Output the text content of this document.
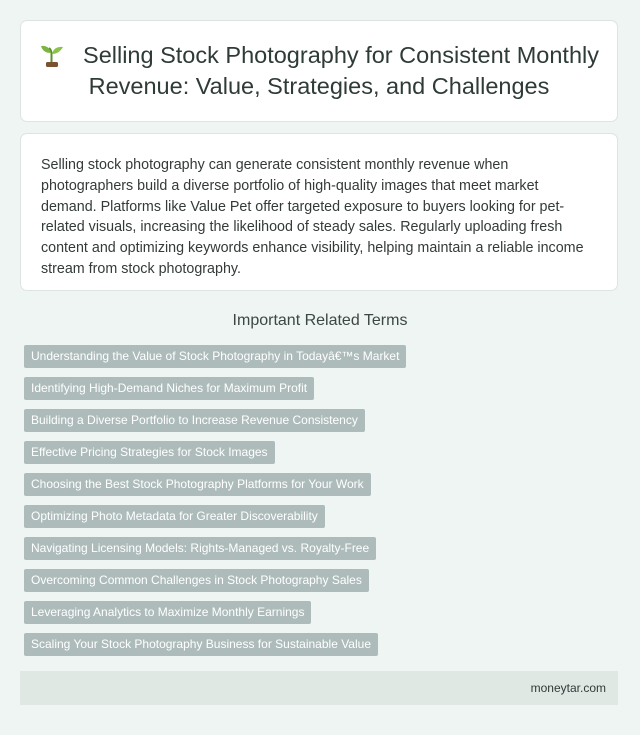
Selling Stock Photography for Consistent Monthly Revenue: Value, Strategies, and Challenges

Selling stock photography can generate consistent monthly revenue when photographers build a diverse portfolio of high-quality images that meet market demand. Platforms like Value Pet offer targeted exposure to buyers looking for pet-related visuals, increasing the likelihood of steady sales. Regularly uploading fresh content and optimizing keywords enhance visibility, helping maintain a reliable income stream from stock photography.

Important Related Terms
Understanding the Value of Stock Photography in Todayâ€™s Market
Identifying High-Demand Niches for Maximum Profit
Building a Diverse Portfolio to Increase Revenue Consistency
Effective Pricing Strategies for Stock Images
Choosing the Best Stock Photography Platforms for Your Work
Optimizing Photo Metadata for Greater Discoverability
Navigating Licensing Models: Rights-Managed vs. Royalty-Free
Overcoming Common Challenges in Stock Photography Sales
Leveraging Analytics to Maximize Monthly Earnings
Scaling Your Stock Photography Business for Sustainable Value
moneytar.com
